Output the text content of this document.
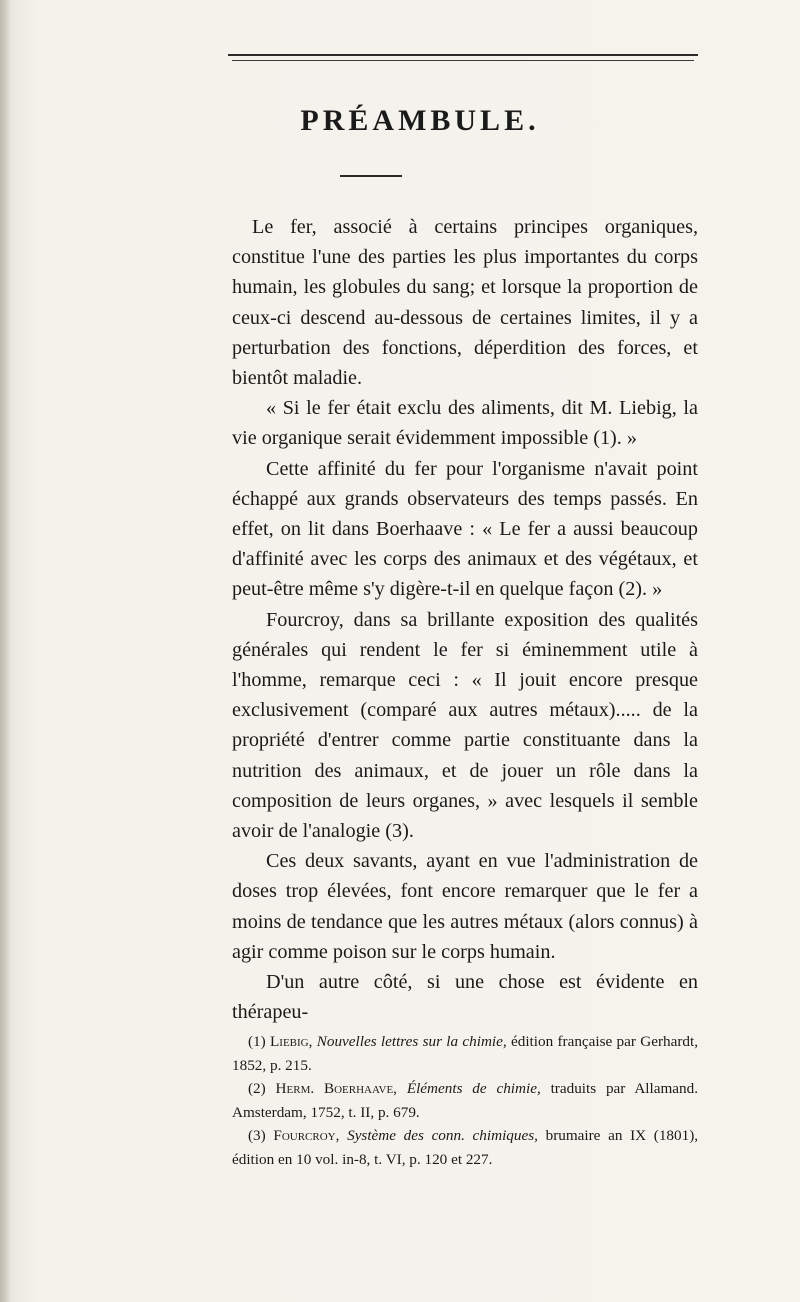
PRÉAMBULE.

Le fer, associé à certains principes organiques, constitue l'une des parties les plus importantes du corps humain, les globules du sang; et lorsque la proportion de ceux-ci descend au-dessous de certaines limites, il y a perturbation des fonctions, déperdition des forces, et bientôt maladie.

« Si le fer était exclu des aliments, dit M. Liebig, la vie organique serait évidemment impossible (1). »

Cette affinité du fer pour l'organisme n'avait point échappé aux grands observateurs des temps passés. En effet, on lit dans Boerhaave : « Le fer a aussi beaucoup d'affinité avec les corps des animaux et des végétaux, et peut-être même s'y digère-t-il en quelque façon (2). »

Fourcroy, dans sa brillante exposition des qualités générales qui rendent le fer si éminemment utile à l'homme, remarque ceci : « Il jouit encore presque exclusivement (comparé aux autres métaux)..... de la propriété d'entrer comme partie constituante dans la nutrition des animaux, et de jouer un rôle dans la composition de leurs organes, » avec lesquels il semble avoir de l'analogie (3).

Ces deux savants, ayant en vue l'administration de doses trop élevées, font encore remarquer que le fer a moins de tendance que les autres métaux (alors connus) à agir comme poison sur le corps humain.

D'un autre côté, si une chose est évidente en thérapeu-

(1) Liebig, Nouvelles lettres sur la chimie, édition française par Gerhardt, 1852, p. 215.

(2) Herm. Boerhaave, Éléments de chimie, traduits par Allamand. Amsterdam, 1752, t. II, p. 679.

(3) Fourcroy, Système des conn. chimiques, brumaire an IX (1801), édition en 10 vol. in-8, t. VI, p. 120 et 227.
